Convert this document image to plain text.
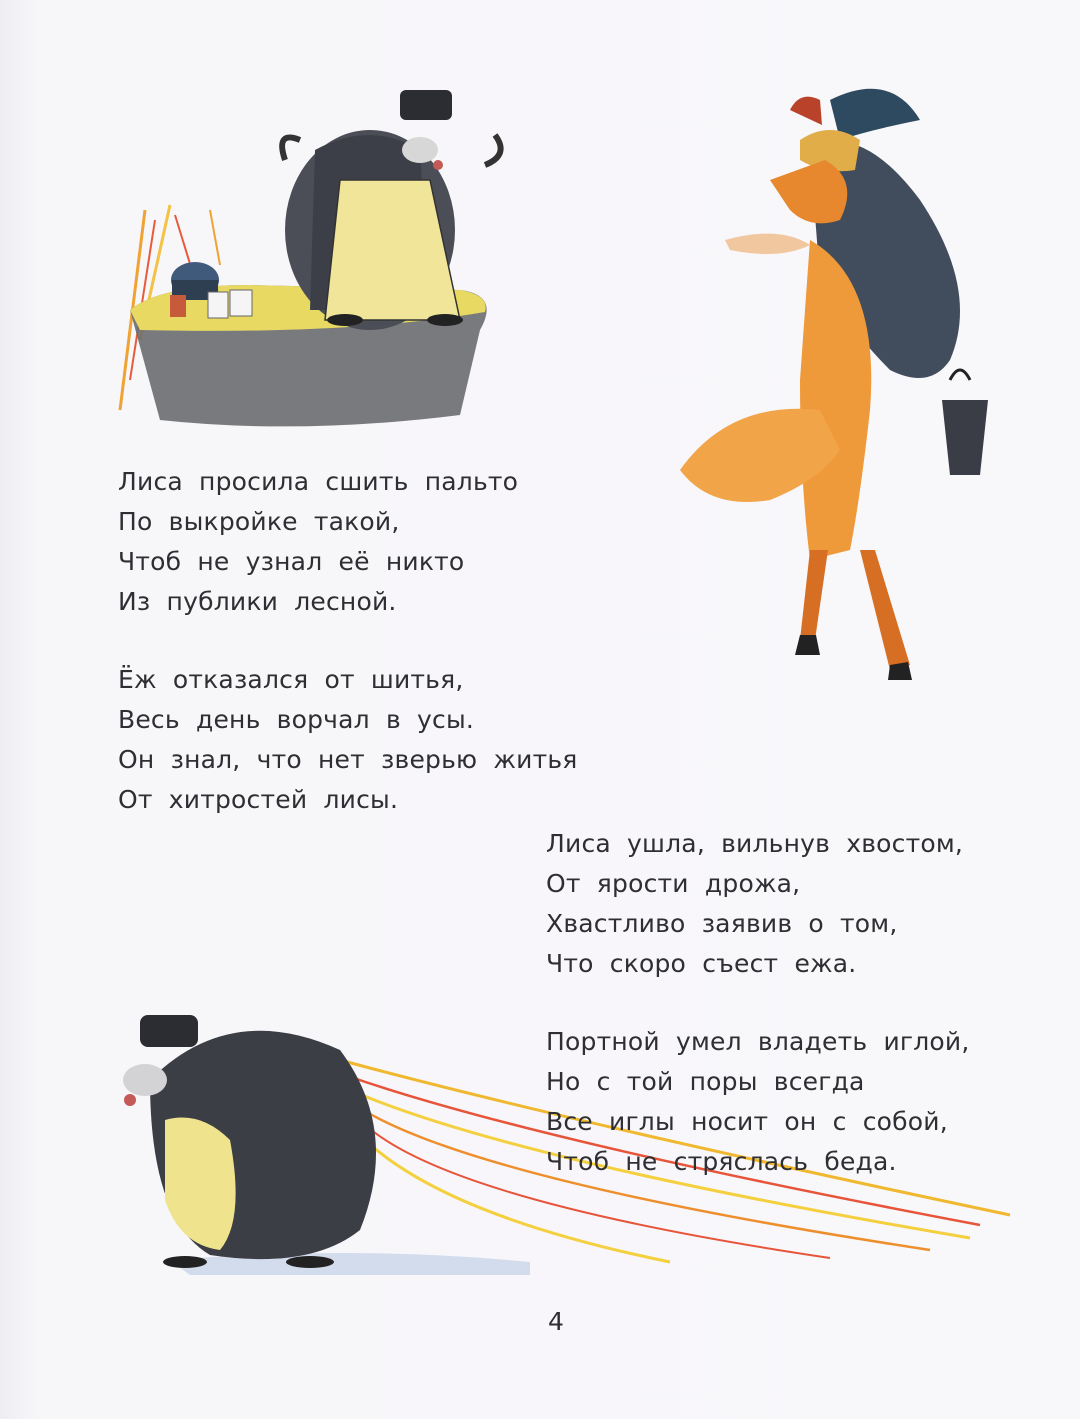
Лиса просила сшить пальто
По выкройке такой,
Чтоб не узнал её никто
Из публики лесной.

Ёж отказался от шитья,
Весь день ворчал в усы.
Он знал, что нет зверью житья
От хитростей лисы.

Лиса ушла, вильнув хвостом,
От ярости дрожа,
Хвастливо заявив о том,
Что скоро съест ежа.

Портной умел владеть иглой,
Но с той поры всегда
Все иглы носит он с собой,
Чтоб не стряслась беда.

4
